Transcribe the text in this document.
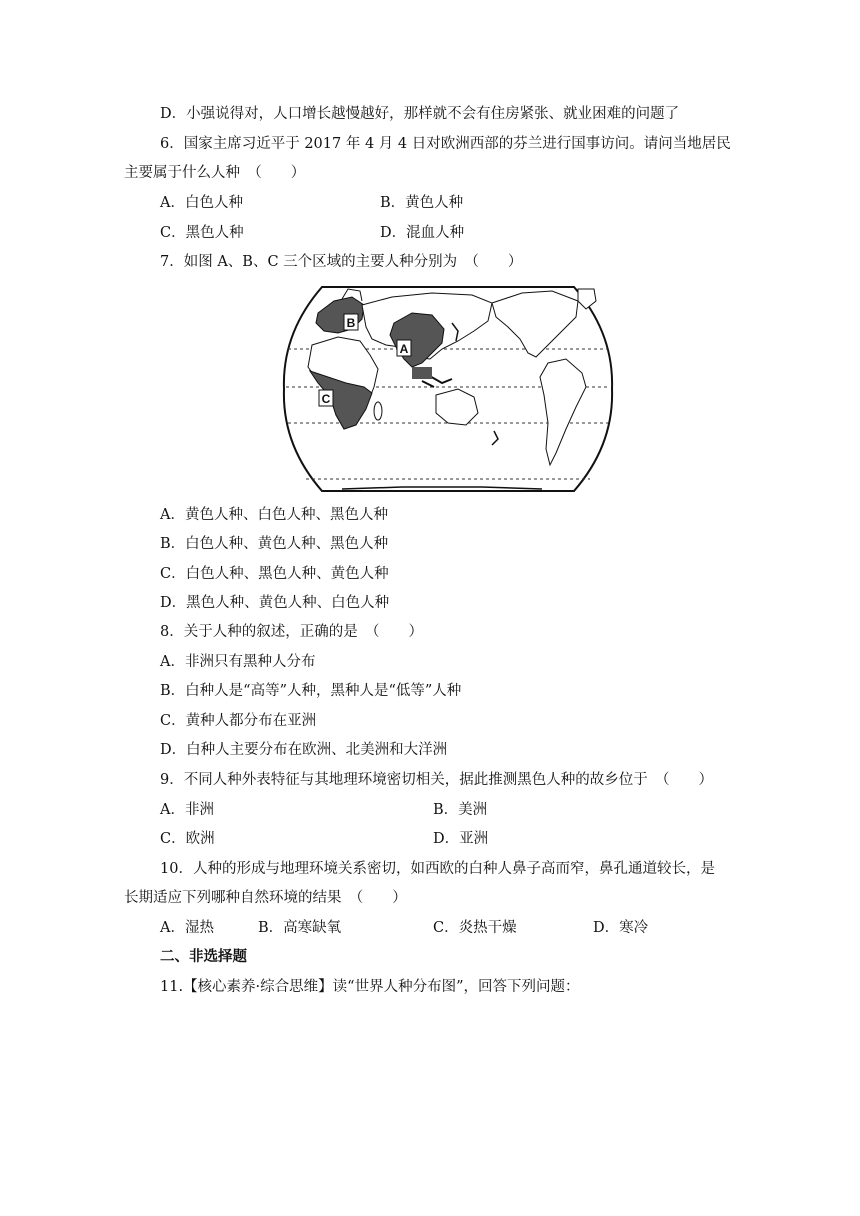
D．小强说得对，人口增长越慢越好，那样就不会有住房紧张、就业困难的问题了
6．国家主席习近平于 2017 年 4 月 4 日对欧洲西部的芬兰进行国事访问。请问当地居民
主要属于什么人种　（　　）
A．白色人种	B．黄色人种
C．黑色人种	D．混血人种
7．如图 A、B、C 三个区域的主要人种分别为　（　　）
B
A
C
A．黄色人种、白色人种、黑色人种
B．白色人种、黄色人种、黑色人种
C．白色人种、黑色人种、黄色人种
D．黑色人种、黄色人种、白色人种
8．关于人种的叙述，正确的是　（　　）
A．非洲只有黑种人分布
B．白种人是“高等”人种，黑种人是“低等”人种
C．黄种人都分布在亚洲
D．白种人主要分布在欧洲、北美洲和大洋洲
9．不同人种外表特征与其地理环境密切相关，据此推测黑色人种的故乡位于　（　　）
A．非洲	B．美洲
C．欧洲	D．亚洲
10．人种的形成与地理环境关系密切，如西欧的白种人鼻子高而窄，鼻孔通道较长，是
长期适应下列哪种自然环境的结果　（　　）
A．湿热	B．高寒缺氧	C．炎热干燥	D．寒冷
二、非选择题
11.【核心素养·综合思维】读“世界人种分布图”，回答下列问题：
